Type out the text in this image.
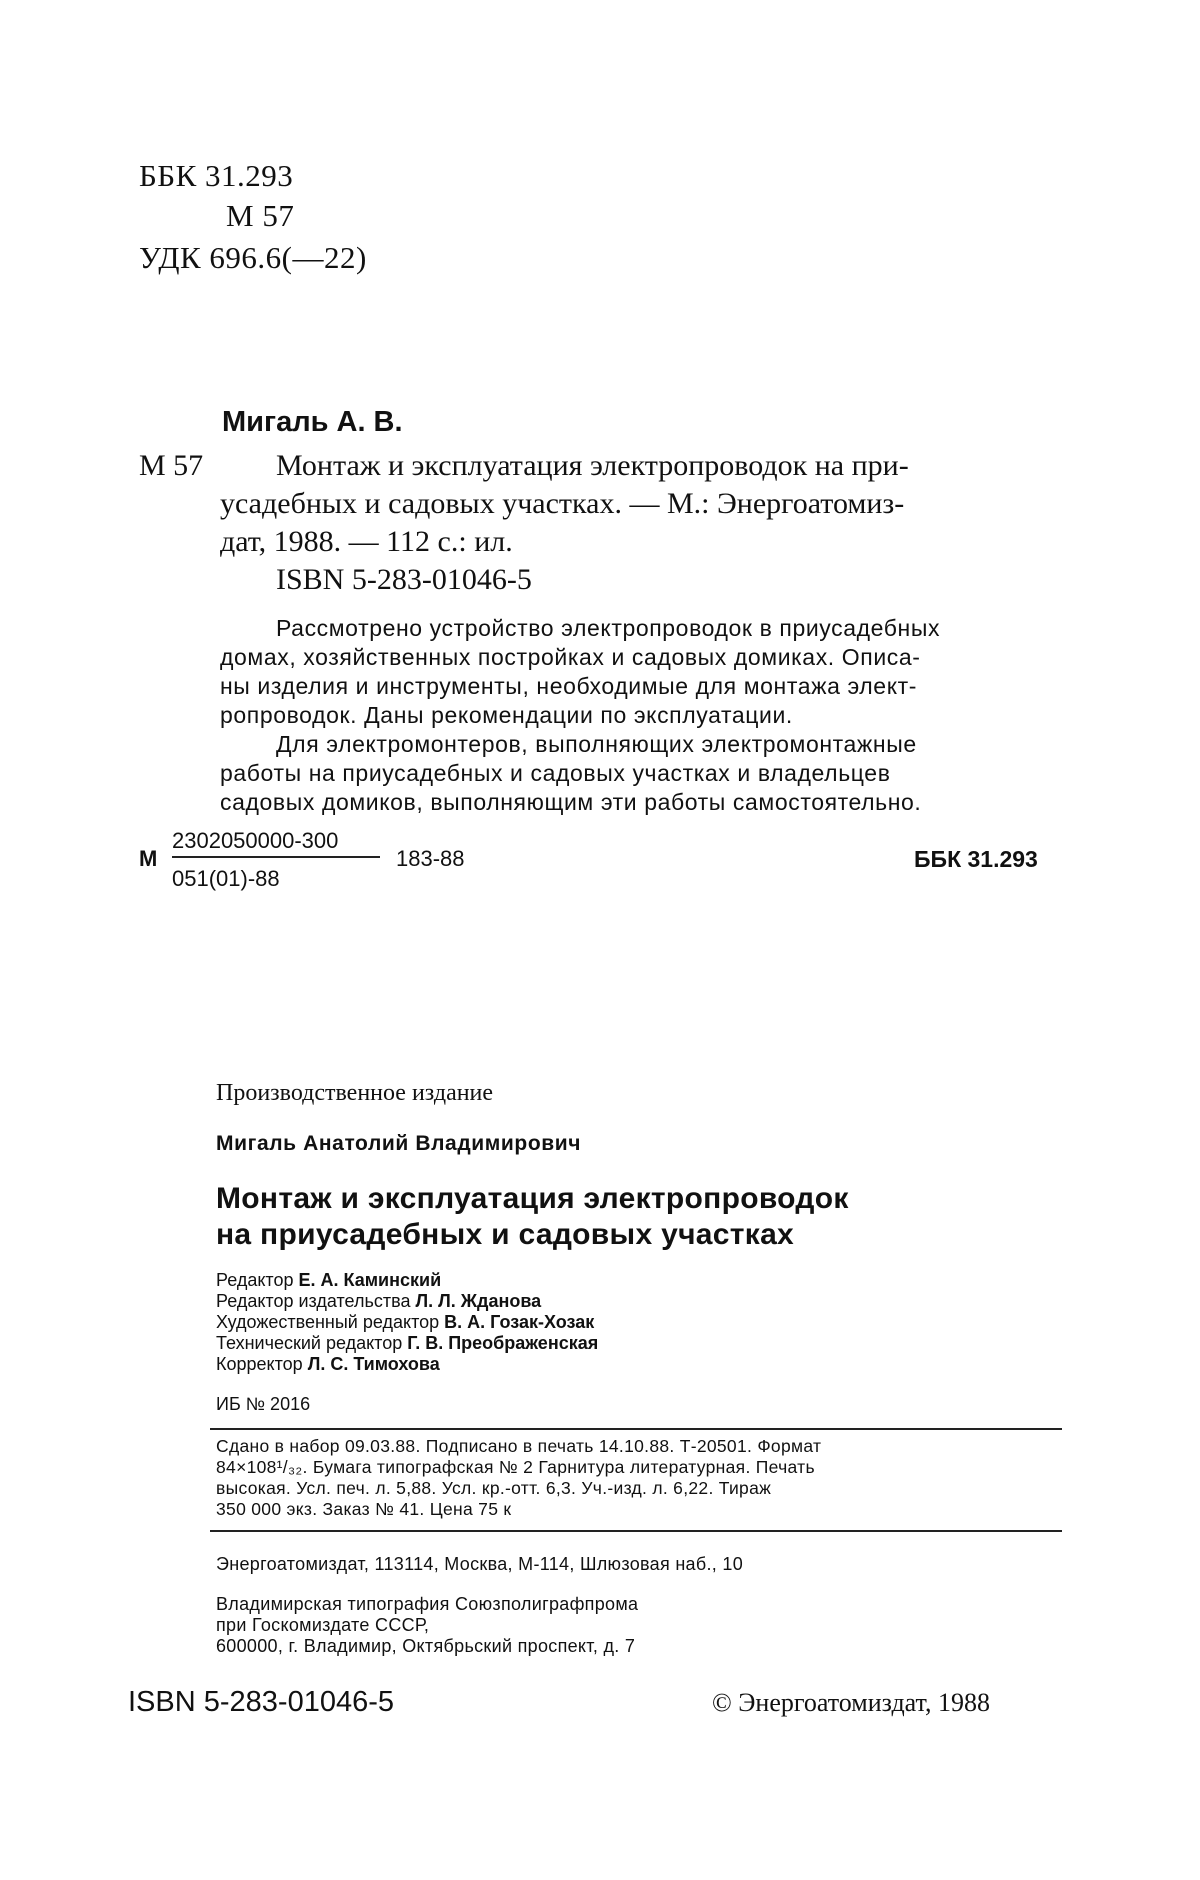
ББК 31.293
М 57
УДК 696.6(—22)
Мигаль А. В.
М 57 Монтаж и эксплуатация электропроводок на при-
усадебных и садовых участках. — М.: Энергоатомиз-
дат, 1988. — 112 с.: ил.
ISBN 5-283-01046-5
Рассмотрено устройство электропроводок в приусадебных
домах, хозяйственных постройках и садовых домиках. Описа-
ны изделия и инструменты, необходимые для монтажа элект-
ропроводок. Даны рекомендации по эксплуатации.
Для электромонтеров, выполняющих электромонтажные
работы на приусадебных и садовых участках и владельцев
садовых домиков, выполняющим эти работы самостоятельно.
М
2302050000-300
051(01)-88
183-88	ББК 31.293
Производственное издание
Мигаль Анатолий Владимирович
Монтаж и эксплуатация электропроводок
на приусадебных и садовых участках
Редактор Е. А. Каминский
Редактор издательства Л. Л. Жданова
Художественный редактор В. А. Гозак-Хозак
Технический редактор Г. В. Преображенская
Корректор Л. С. Тимохова
ИБ № 2016
Сдано в набор 09.03.88. Подписано в печать 14.10.88. Т-20501. Формат
84×108¹/₃₂. Бумага типографская № 2 Гарнитура литературная. Печать
высокая. Усл. печ. л. 5,88. Усл. кр.-отт. 6,3. Уч.-изд. л. 6,22. Тираж
350 000 экз. Заказ № 41. Цена 75 к
Энергоатомиздат, 113114, Москва, М-114, Шлюзовая наб., 10
Владимирская типография Союзполиграфпрома
при Госкомиздате СССР,
600000, г. Владимир, Октябрьский проспект, д. 7
ISBN 5-283-01046-5	© Энергоатомиздат, 1988
